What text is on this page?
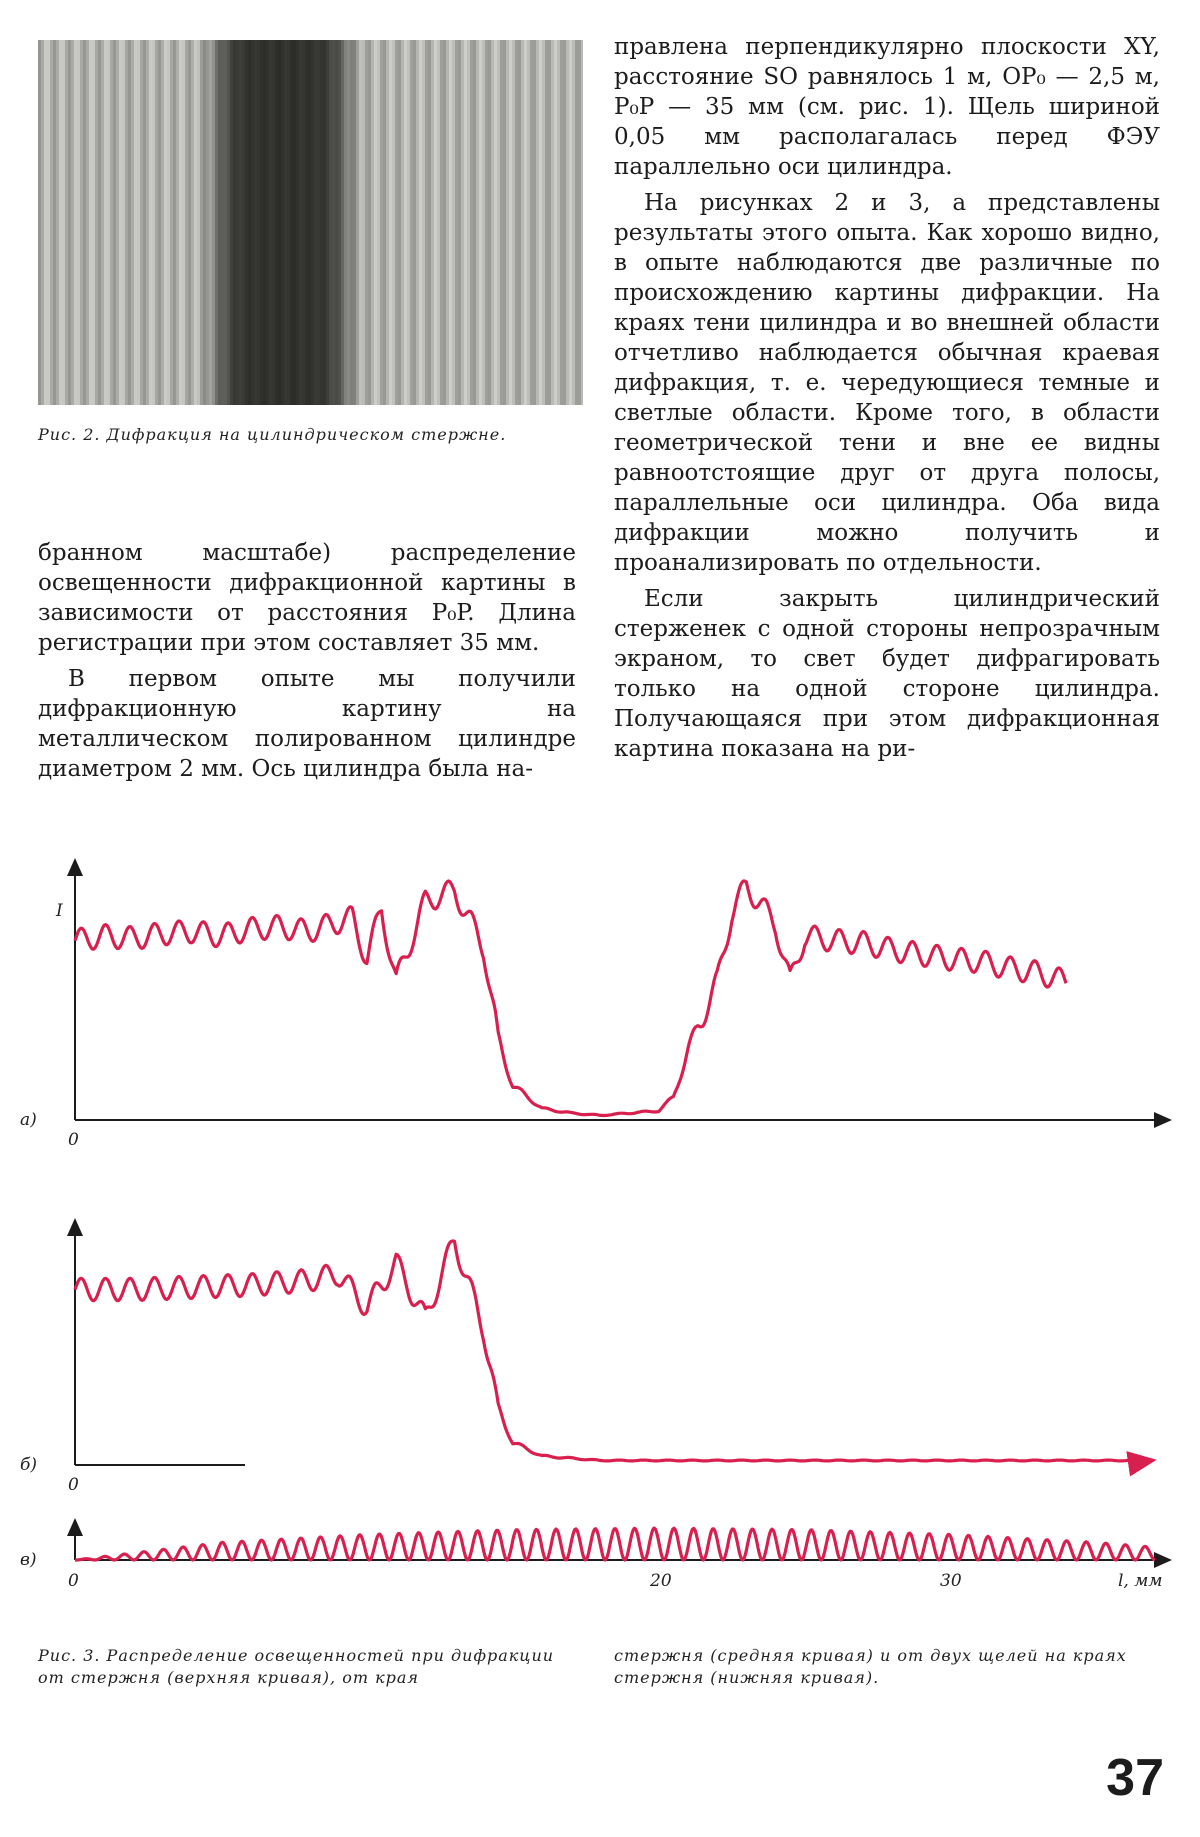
Рис. 2. Дифракция на цилиндрическом стержне.

бранном масштабе) распределение освещенности дифракционной картины в зависимости от расстояния P₀P. Длина регистрации при этом составляет 35 мм.

В первом опыте мы получили дифракционную картину на металлическом полированном цилиндре диаметром 2 мм. Ось цилиндра была на-

правлена перпендикулярно плоскости XY, расстояние SO равнялось 1 м, OP₀ — 2,5 м, P₀P — 35 мм (см. рис. 1). Щель шириной 0,05 мм располагалась перед ФЭУ параллельно оси цилиндра.

На рисунках 2 и 3, а представлены результаты этого опыта. Как хорошо видно, в опыте наблюдаются две различные по происхождению картины дифракции. На краях тени цилиндра и во внешней области отчетливо наблюдается обычная краевая дифракция, т. е. чередующиеся темные и светлые области. Кроме того, в области геометрической тени и вне ее видны равноотстоящие друг от друга полосы, параллельные оси цилиндра. Оба вида дифракции можно получить и проанализировать по отдельности.

Если закрыть цилиндрический стерженек с одной стороны непрозрачным экраном, то свет будет дифрагировать только на одной стороне цилиндра. Получающаяся при этом дифракционная картина показана на ри-

I
а)
0
б)
0
в)
0	20	30	l, мм
Рис. 3. Распределение освещенностей при дифракции от стержня (верхняя кривая), от края
стержня (средняя кривая) и от двух щелей на краях стержня (нижняя кривая).
37
